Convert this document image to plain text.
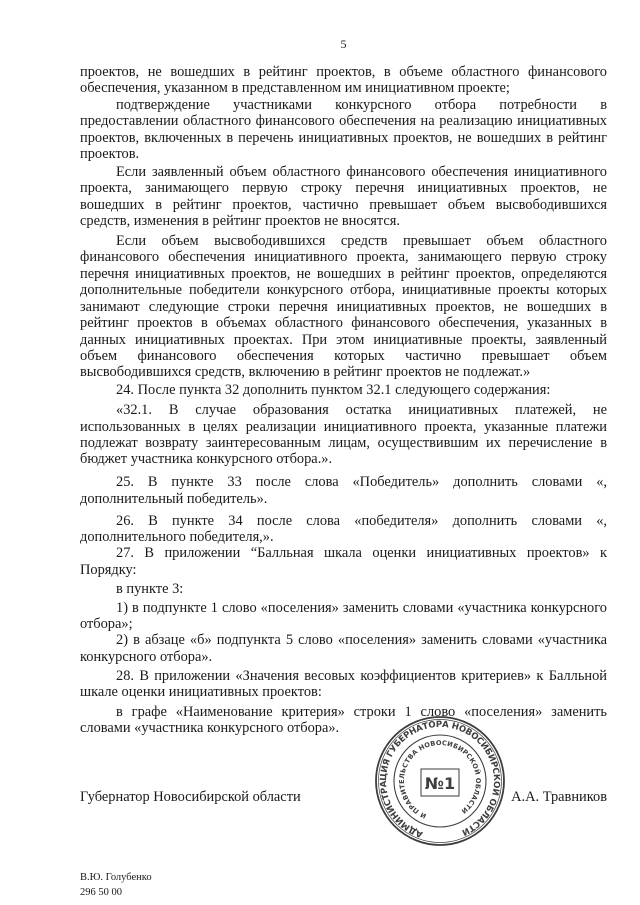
5

проектов, не вошедших в рейтинг проектов, в объеме областного финансового обеспечения, указанном в представленном им инициативном проекте;

подтверждение участниками конкурсного отбора потребности в предоставлении областного финансового обеспечения на реализацию инициативных проектов, включенных в перечень инициативных проектов, не вошедших в рейтинг проектов.

Если заявленный объем областного финансового обеспечения инициативного проекта, занимающего первую строку перечня инициативных проектов, не вошедших в рейтинг проектов, частично превышает объем высвободившихся средств, изменения в рейтинг проектов не вносятся.

Если объем высвободившихся средств превышает объем областного финансового обеспечения инициативного проекта, занимающего первую строку перечня инициативных проектов, не вошедших в рейтинг проектов, определяются дополнительные победители конкурсного отбора, инициативные проекты которых занимают следующие строки перечня инициативных проектов, не вошедших в рейтинг проектов в объемах областного финансового обеспечения, указанных в данных инициативных проектах. При этом инициативные проекты, заявленный объем финансового обеспечения которых частично превышает объем высвободившихся средств, включению в рейтинг проектов не подлежат.»

24. После пункта 32 дополнить пунктом 32.1 следующего содержания:

«32.1. В случае образования остатка инициативных платежей, не использованных в целях реализации инициативного проекта, указанные платежи подлежат возврату заинтересованным лицам, осуществившим их перечисление в бюджет участника конкурсного отбора.».

25. В пункте 33 после слова «Победитель» дополнить словами «, дополнительный победитель».

26. В пункте 34 после слова «победителя» дополнить словами «, дополнительного победителя,».

27. В приложении “Балльная шкала оценки инициативных проектов» к Порядку:

в пункте 3:

1) в подпункте 1 слово «поселения» заменить словами «участника конкурсного отбора»;

2) в абзаце «б» подпункта 5 слово «поселения» заменить словами «участника конкурсного отбора».

28. В приложении «Значения весовых коэффициентов критериев» к Балльной шкале оценки инициативных проектов:

в графе «Наименование критерия» строки 1 слово «поселения» заменить словами «участника конкурсного отбора».

АДМИНИСТРАЦИЯ ГУБЕРНАТОРА НОВОСИБИРСКОЙ ОБЛАСТИ
И ПРАВИТЕЛЬСТВА НОВОСИБИРСКОЙ ОБЛАСТИ
№1
Губернатор Новосибирской области	А.А. Травников
В.Ю. Голубенко
296 50 00
